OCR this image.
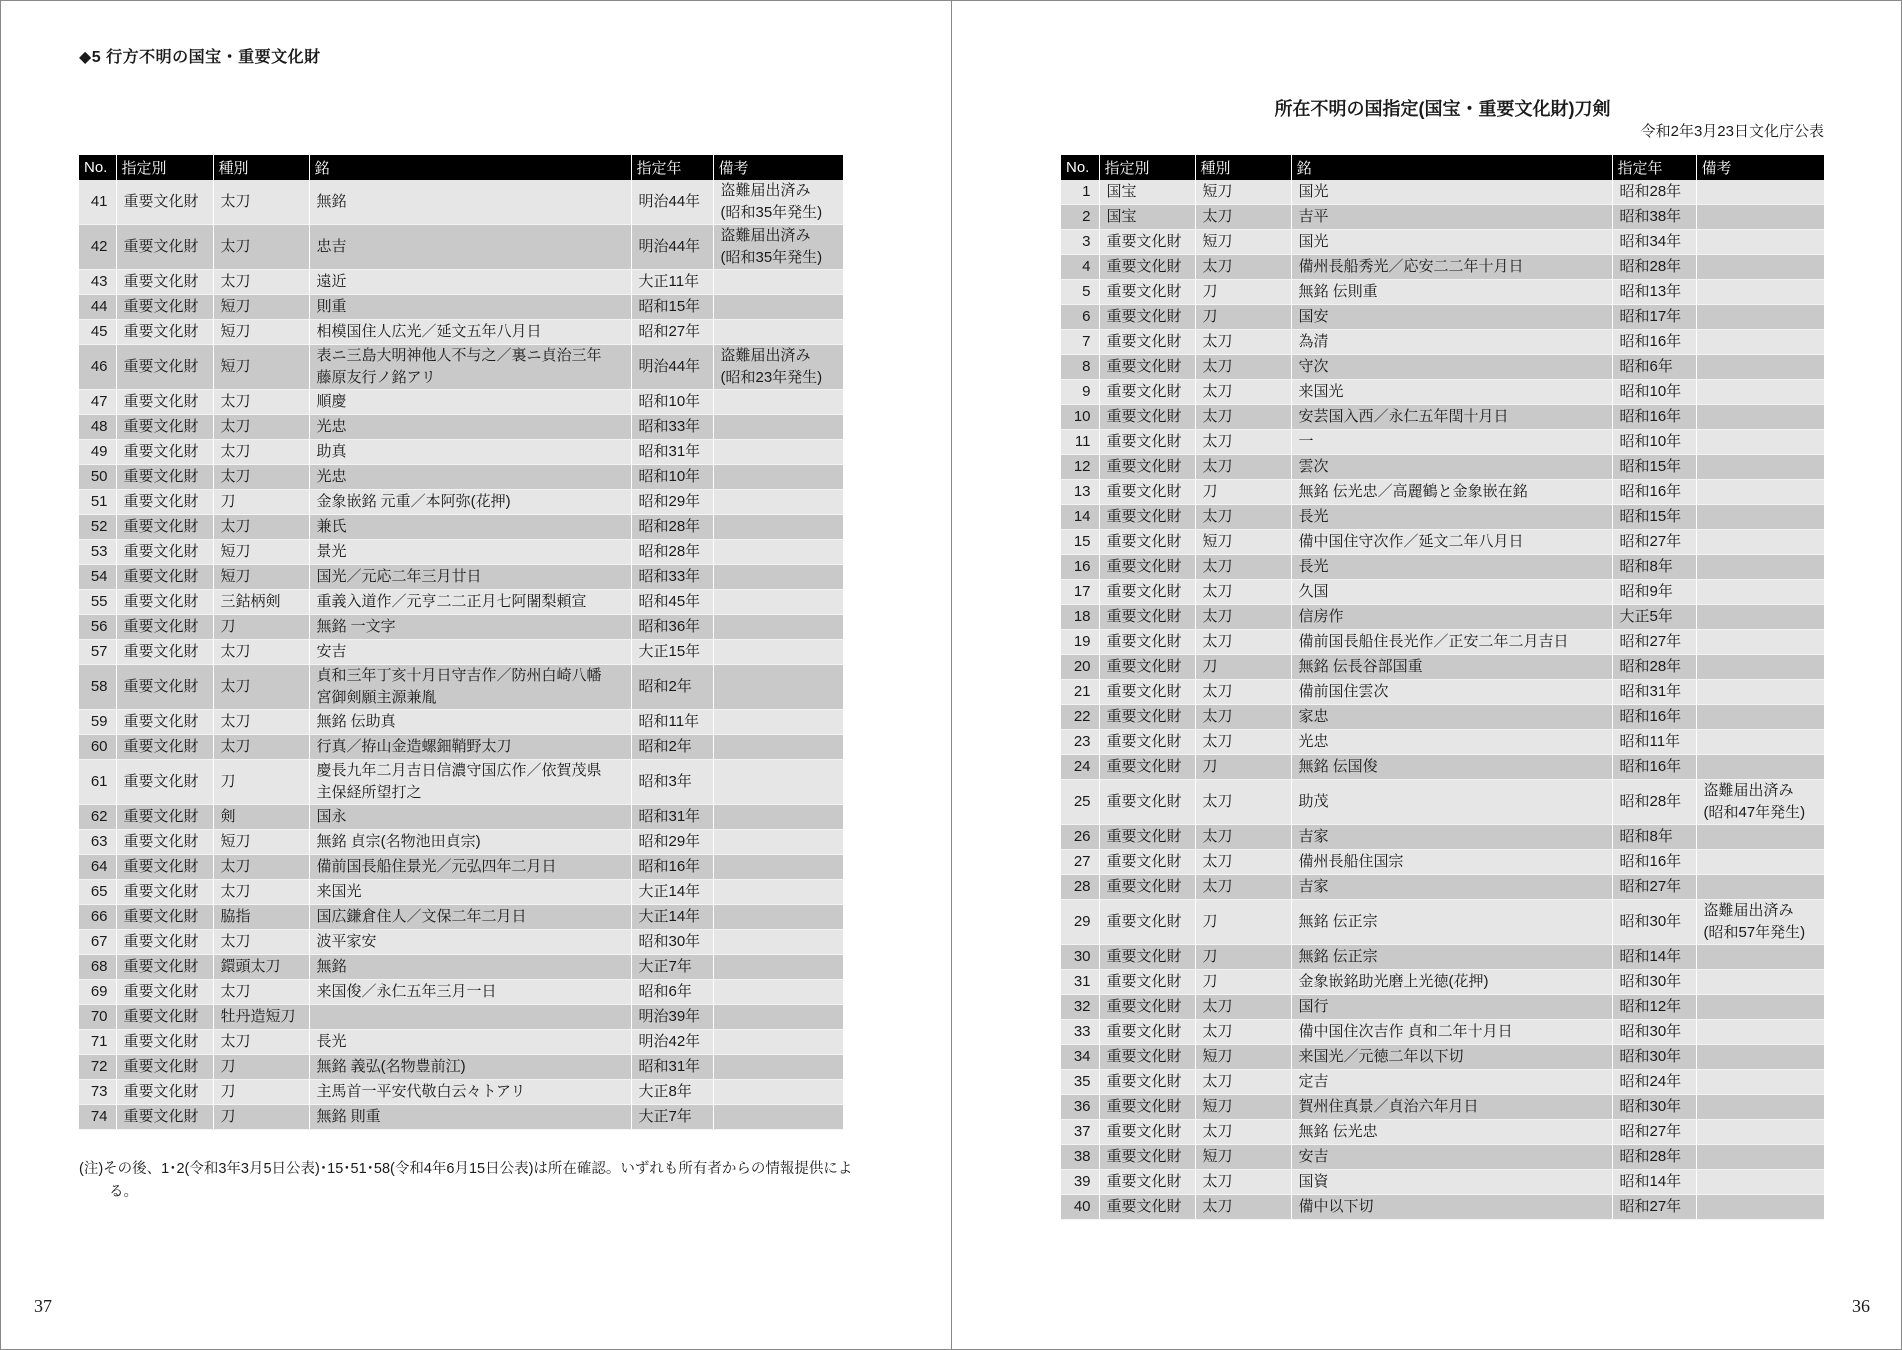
◆5 行方不明の国宝・重要文化財
No.	指定別	種別	銘	指定年	備考
41	重要文化財	太刀	無銘	明治44年	盗難届出済み
(昭和35年発生)
42	重要文化財	太刀	忠吉	明治44年	盗難届出済み
(昭和35年発生)
43	重要文化財	太刀	遠近	大正11年	
44	重要文化財	短刀	則重	昭和15年	
45	重要文化財	短刀	相模国住人広光／延文五年八月日	昭和27年	
46	重要文化財	短刀	表ニ三島大明神他人不与之／裏ニ貞治三年
藤原友行ノ銘アリ	明治44年	盗難届出済み
(昭和23年発生)
47	重要文化財	太刀	順慶	昭和10年	
48	重要文化財	太刀	光忠	昭和33年	
49	重要文化財	太刀	助真	昭和31年	
50	重要文化財	太刀	光忠	昭和10年	
51	重要文化財	刀	金象嵌銘 元重／本阿弥(花押)	昭和29年	
52	重要文化財	太刀	兼氏	昭和28年	
53	重要文化財	短刀	景光	昭和28年	
54	重要文化財	短刀	国光／元応二年三月廿日	昭和33年	
55	重要文化財	三鈷柄剣	重義入道作／元亨二二正月七阿闍梨頼宣	昭和45年	
56	重要文化財	刀	無銘 一文字	昭和36年	
57	重要文化財	太刀	安吉	大正15年	
58	重要文化財	太刀	貞和三年丁亥十月日守吉作／防州白崎八幡
宮御剣願主源兼胤	昭和2年	
59	重要文化財	太刀	無銘 伝助真	昭和11年	
60	重要文化財	太刀	行真／拵山金造螺鈿鞘野太刀	昭和2年	
61	重要文化財	刀	慶長九年二月吉日信濃守国広作／依賀茂県
主保経所望打之	昭和3年	
62	重要文化財	剣	国永	昭和31年	
63	重要文化財	短刀	無銘 貞宗(名物池田貞宗)	昭和29年	
64	重要文化財	太刀	備前国長船住景光／元弘四年二月日	昭和16年	
65	重要文化財	太刀	来国光	大正14年	
66	重要文化財	脇指	国広鎌倉住人／文保二年二月日	大正14年	
67	重要文化財	太刀	波平家安	昭和30年	
68	重要文化財	鐶頭太刀	無銘	大正7年	
69	重要文化財	太刀	来国俊／永仁五年三月一日	昭和6年	
70	重要文化財	牡丹造短刀		明治39年	
71	重要文化財	太刀	長光	明治42年	
72	重要文化財	刀	無銘 義弘(名物豊前江)	昭和31年	
73	重要文化財	刀	主馬首一平安代敬白云々トアリ	大正8年	
74	重要文化財	刀	無銘 則重	大正7年	
(注)その後、1･2(令和3年3月5日公表)･15･51･58(令和4年6月15日公表)は所在確認。いずれも所有者からの情報提供による。
37
所在不明の国指定(国宝・重要文化財)刀剣
令和2年3月23日文化庁公表
No.	指定別	種別	銘	指定年	備考
1	国宝	短刀	国光	昭和28年	
2	国宝	太刀	吉平	昭和38年	
3	重要文化財	短刀	国光	昭和34年	
4	重要文化財	太刀	備州長船秀光／応安二二年十月日	昭和28年	
5	重要文化財	刀	無銘 伝則重	昭和13年	
6	重要文化財	刀	国安	昭和17年	
7	重要文化財	太刀	為清	昭和16年	
8	重要文化財	太刀	守次	昭和6年	
9	重要文化財	太刀	来国光	昭和10年	
10	重要文化財	太刀	安芸国入西／永仁五年閏十月日	昭和16年	
11	重要文化財	太刀	一	昭和10年	
12	重要文化財	太刀	雲次	昭和15年	
13	重要文化財	刀	無銘 伝光忠／高麗鶴と金象嵌在銘	昭和16年	
14	重要文化財	太刀	長光	昭和15年	
15	重要文化財	短刀	備中国住守次作／延文二年八月日	昭和27年	
16	重要文化財	太刀	長光	昭和8年	
17	重要文化財	太刀	久国	昭和9年	
18	重要文化財	太刀	信房作	大正5年	
19	重要文化財	太刀	備前国長船住長光作／正安二年二月吉日	昭和27年	
20	重要文化財	刀	無銘 伝長谷部国重	昭和28年	
21	重要文化財	太刀	備前国住雲次	昭和31年	
22	重要文化財	太刀	家忠	昭和16年	
23	重要文化財	太刀	光忠	昭和11年	
24	重要文化財	刀	無銘 伝国俊	昭和16年	
25	重要文化財	太刀	助茂	昭和28年	盗難届出済み
(昭和47年発生)
26	重要文化財	太刀	吉家	昭和8年	
27	重要文化財	太刀	備州長船住国宗	昭和16年	
28	重要文化財	太刀	吉家	昭和27年	
29	重要文化財	刀	無銘 伝正宗	昭和30年	盗難届出済み
(昭和57年発生)
30	重要文化財	刀	無銘 伝正宗	昭和14年	
31	重要文化財	刀	金象嵌銘助光磨上光徳(花押)	昭和30年	
32	重要文化財	太刀	国行	昭和12年	
33	重要文化財	太刀	備中国住次吉作 貞和二年十月日	昭和30年	
34	重要文化財	短刀	来国光／元徳二年以下切	昭和30年	
35	重要文化財	太刀	定吉	昭和24年	
36	重要文化財	短刀	賀州住真景／貞治六年月日	昭和30年	
37	重要文化財	太刀	無銘 伝光忠	昭和27年	
38	重要文化財	短刀	安吉	昭和28年	
39	重要文化財	太刀	国資	昭和14年	
40	重要文化財	太刀	備中以下切	昭和27年	
36
